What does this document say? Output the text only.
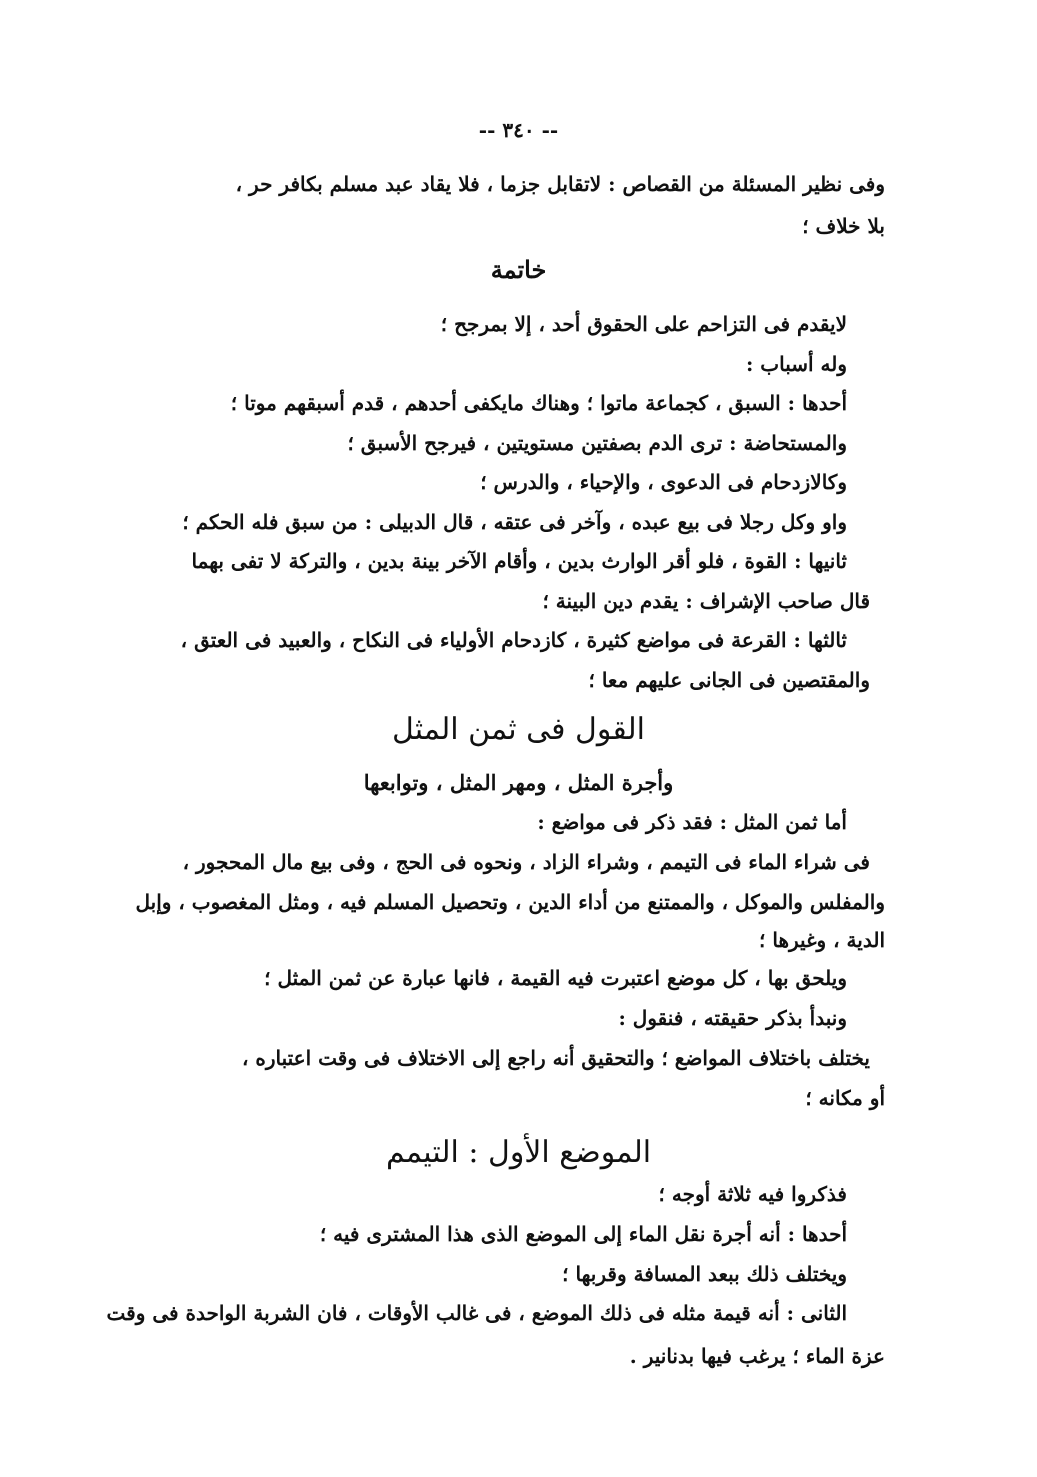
-- ٣٤٠ --
وفى نظير المسئلة من القصاص : لاتقابل جزما ، فلا يقاد عبد مسلم بكافر حر ،
بلا خلاف ؛
خاتمة
لايقدم فى التزاحم على الحقوق أحد ، إلا بمرجح ؛
وله أسباب :
أحدها : السبق ، كجماعة ماتوا ؛ وهناك مايكفى أحدهم ، قدم أسبقهم موتا ؛
والمستحاضة : ترى الدم بصفتين مستويتين ، فيرجح الأسبق ؛
وكالازدحام فى الدعوى ، والإحياء ، والدرس ؛
واو وكل رجلا فى بيع عبده ، وآخر فى عتقه ، قال الدبيلى : من سبق فله الحكم ؛
ثانيها : القوة ، فلو أقر الوارث بدين ، وأقام الآخر بينة بدين ، والتركة لا تفى بهما
قال صاحب الإشراف : يقدم دين البينة ؛
ثالثها : القرعة فى مواضع كثيرة ، كازدحام الأولياء فى النكاح ، والعبيد فى العتق ،
والمقتصين فى الجانى عليهم معا ؛
القول فى ثمن المثل
وأجرة المثل ، ومهر المثل ، وتوابعها
أما ثمن المثل : فقد ذكر فى مواضع :
فى شراء الماء فى التيمم ، وشراء الزاد ، ونحوه فى الحج ، وفى بيع مال المحجور ،
والمفلس والموكل ، والممتنع من أداء الدين ، وتحصيل المسلم فيه ، ومثل المغصوب ، وإبل
الدية ، وغيرها ؛
ويلحق بها ، كل موضع اعتبرت فيه القيمة ، فانها عبارة عن ثمن المثل ؛
ونبدأ بذكر حقيقته ، فنقول :
يختلف باختلاف المواضع ؛ والتحقيق أنه راجع إلى الاختلاف فى وقت اعتباره ،
أو مكانه ؛
الموضع الأول : التيمم
فذكروا فيه ثلاثة أوجه ؛
أحدها : أنه أجرة نقل الماء إلى الموضع الذى هذا المشترى فيه ؛
ويختلف ذلك ببعد المسافة وقربها ؛
الثانى : أنه قيمة مثله فى ذلك الموضع ، فى غالب الأوقات ، فان الشربة الواحدة فى وقت
عزة الماء ؛ يرغب فيها بدنانير .
